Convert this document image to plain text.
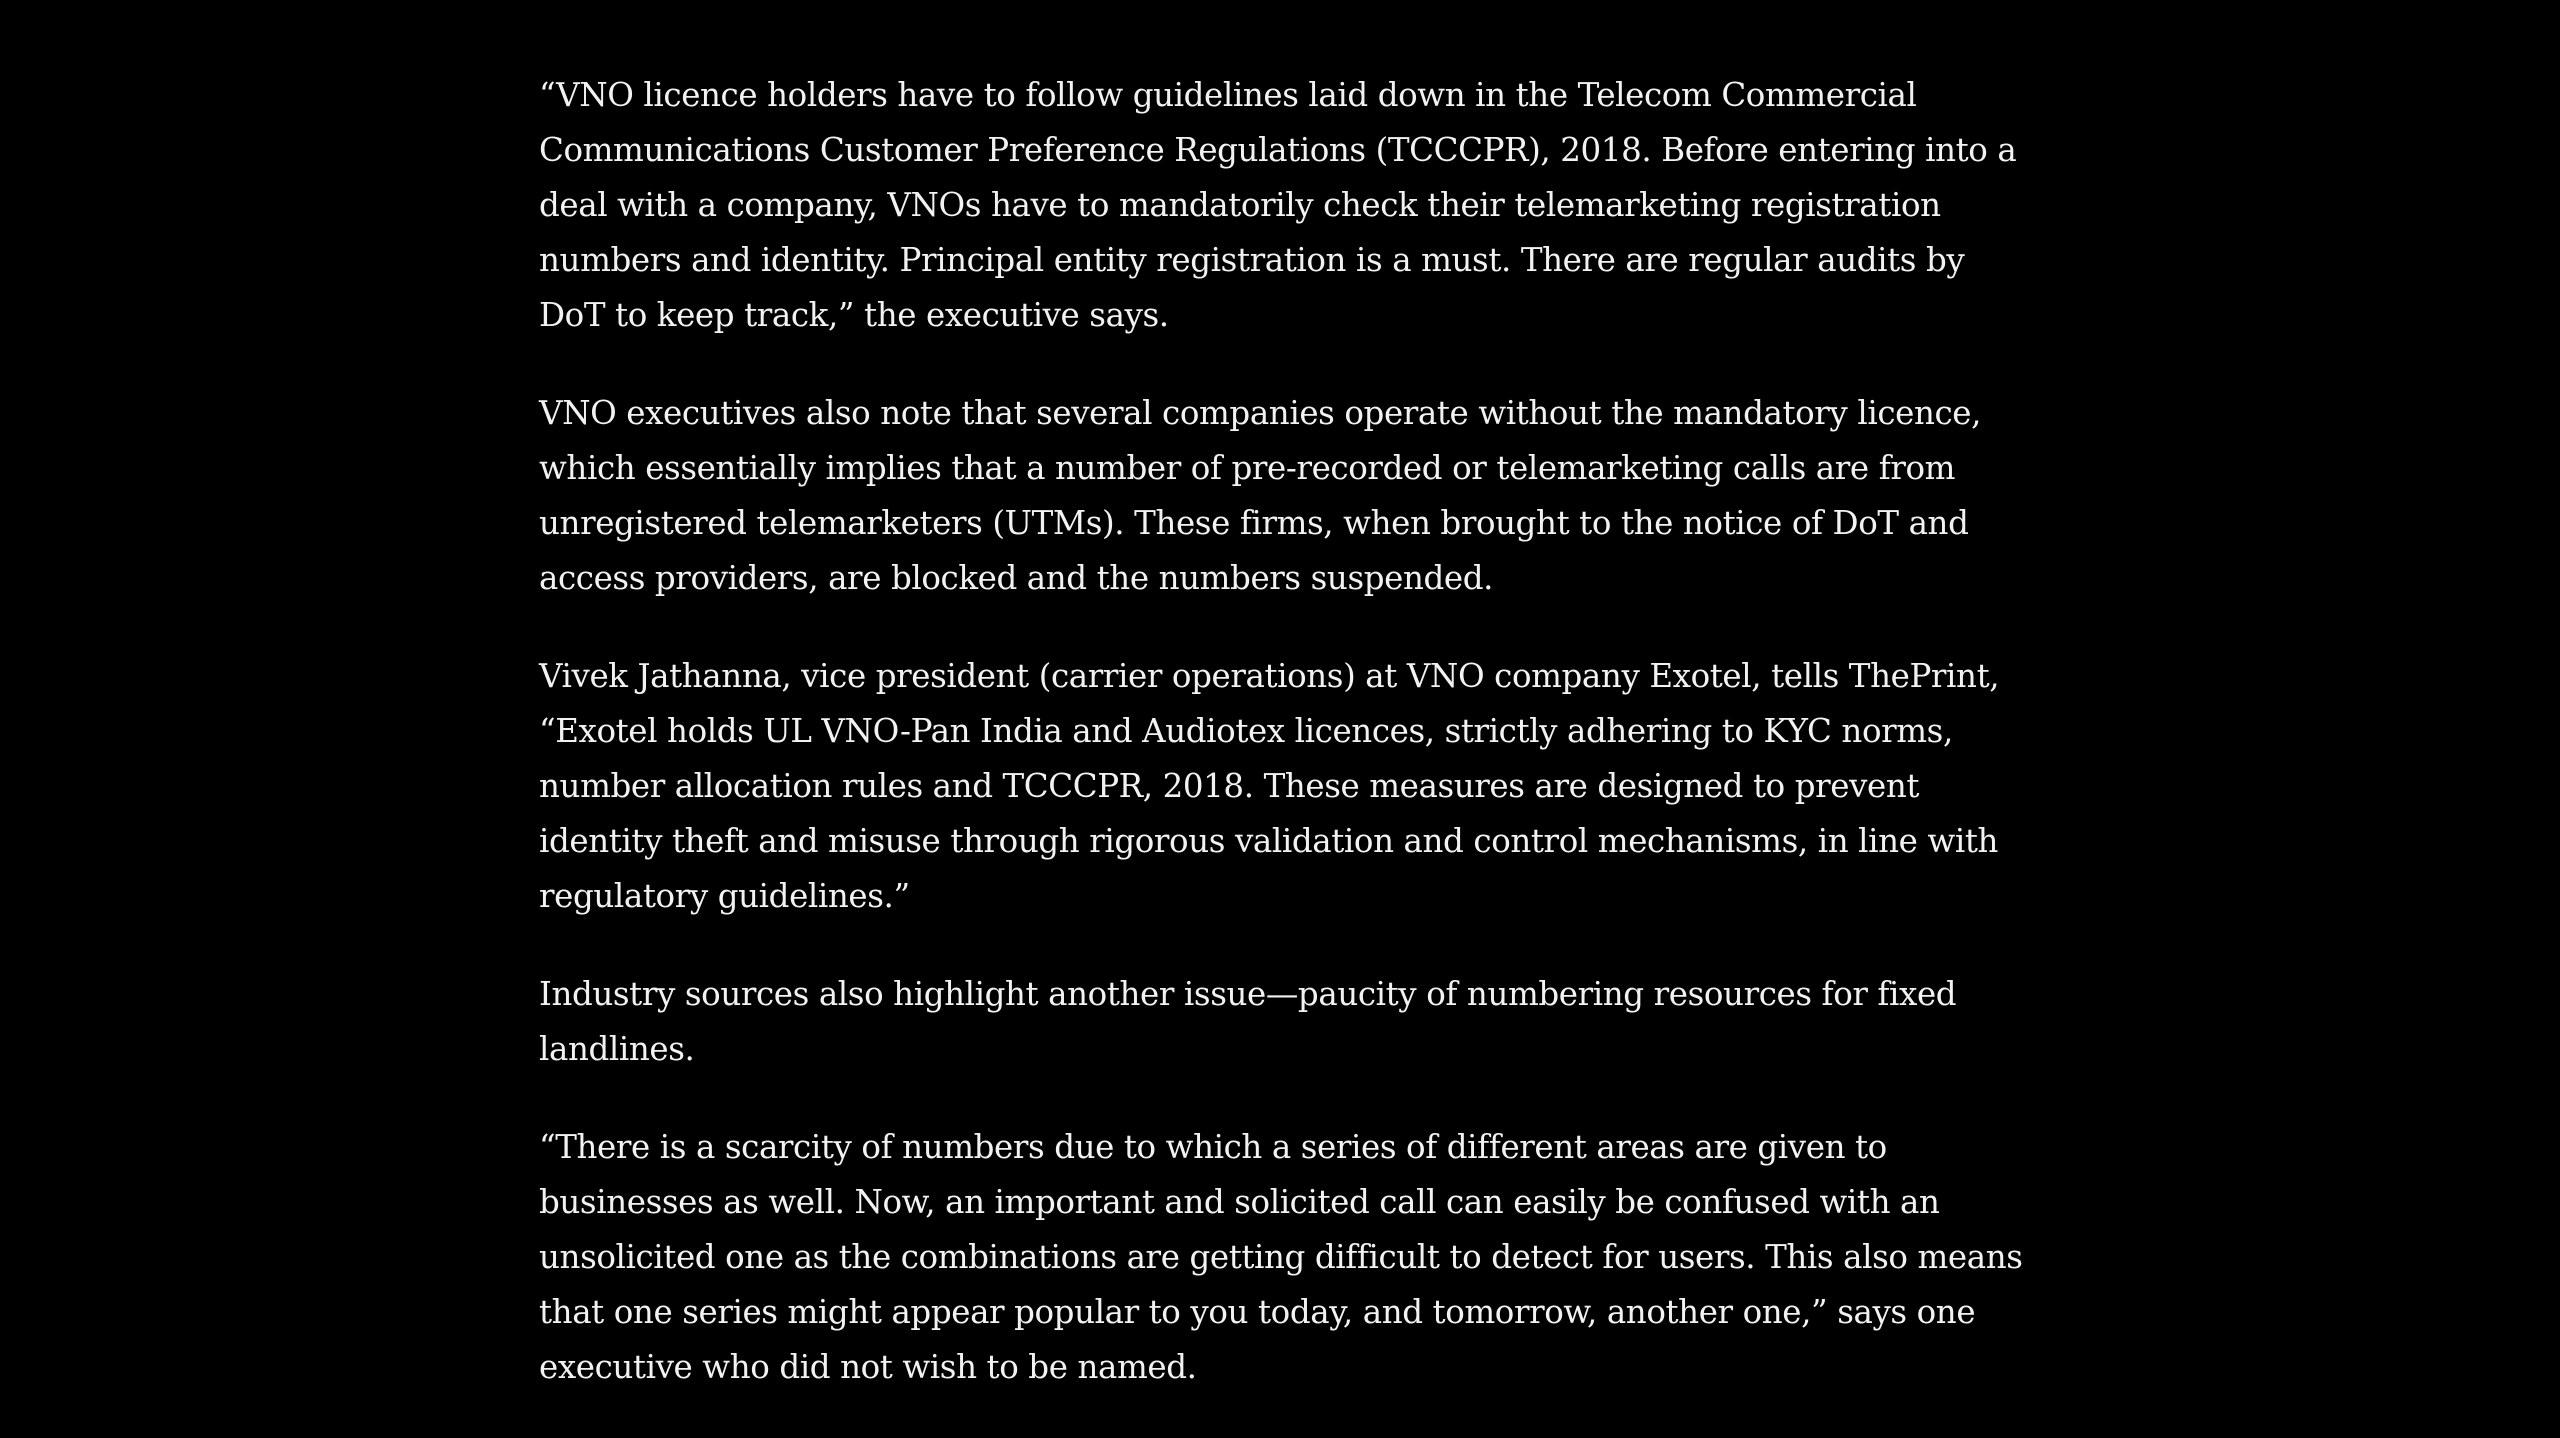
“VNO licence holders have to follow guidelines laid down in the Telecom Commercial Communications Customer Preference Regulations (TCCCPR), 2018. Before entering into a deal with a company, VNOs have to mandatorily check their telemarketing registration numbers and identity. Principal entity registration is a must. There are regular audits by DoT to keep track,” the executive says.

VNO executives also note that several companies operate without the mandatory licence, which essentially implies that a number of pre-recorded or telemarketing calls are from unregistered telemarketers (UTMs). These firms, when brought to the notice of DoT and access providers, are blocked and the numbers suspended.

Vivek Jathanna, vice president (carrier operations) at VNO company Exotel, tells ThePrint, “Exotel holds UL VNO-Pan India and Audiotex licences, strictly adhering to KYC norms, number allocation rules and TCCCPR, 2018. These measures are designed to prevent identity theft and misuse through rigorous validation and control mechanisms, in line with regulatory guidelines.”

Industry sources also highlight another issue—paucity of numbering resources for fixed landlines.

“There is a scarcity of numbers due to which a series of different areas are given to businesses as well. Now, an important and solicited call can easily be confused with an unsolicited one as the combinations are getting difficult to detect for users. This also means that one series might appear popular to you today, and tomorrow, another one,” says one executive who did not wish to be named.
